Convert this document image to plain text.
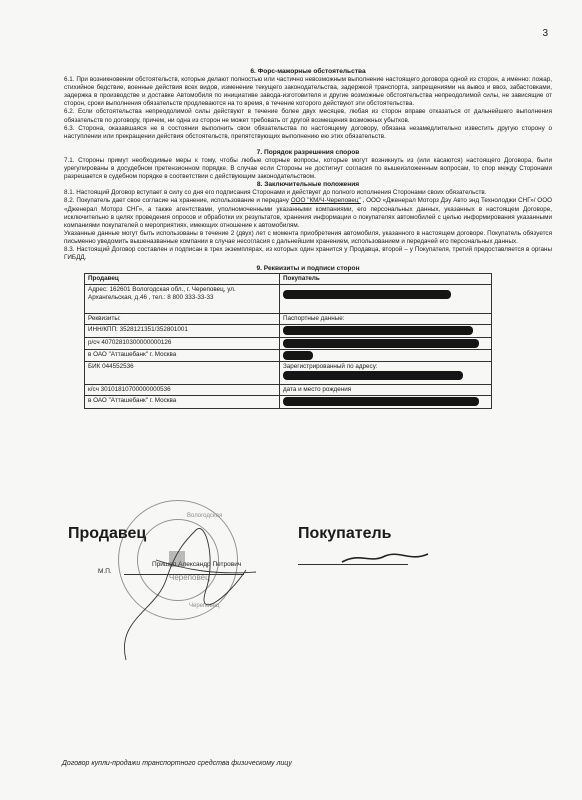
3

6. Форс-мажорные обстоятельства

6.1. При возникновении обстоятельств, которые делают полностью или частично невозможным выполнение настоящего договора одной из сторон, а именно: пожар, стихийное бедствие, военные действия всех видов, изменение текущего законодательства, задержкой транспорта, запрещениями на вывоз и ввоз, забастовками, задержка в производстве и доставке Автомобиля по инициативе завода-изготовителя и другие возможные обстоятельства непреодолимой силы, не зависящие от сторон, сроки выполнения обязательств продлеваются на то время, в течение которого действуют эти обстоятельства.

6.2. Если обстоятельства непреодолимой силы действуют в течение более двух месяцев, любая из сторон вправе отказаться от дальнейшего выполнения обязательств по договору, причем, ни одна из сторон не может требовать от другой возмещения возможных убытков.

6.3. Сторона, оказавшаяся не в состоянии выполнить свои обязательства по настоящему договору, обязана незамедлительно известить другую сторону о наступлении или прекращении действия обстоятельств, препятствующих выполнению ею этих обязательств.

7. Порядок разрешения споров

7.1. Стороны примут необходимые меры к тому, чтобы любые спорные вопросы, которые могут возникнуть из (или касаются) настоящего Договора, были урегулированы в досудебном претензионном порядке. В случае если Стороны не достигнут согласия по вышеизложенным вопросам, то спор между Сторонами разрешается в судебном порядке в соответствии с действующим законодательством.

8. Заключительные положения

8.1. Настоящий Договор вступает в силу со дня его подписания Сторонами и действует до полного исполнения Сторонами своих обязательств.

8.2. Покупатель дает свое согласие на хранение, использование и передачу ООО "КМ/Ч-Череповец" , ООО «Дженерал Моторз Дэу Авто энд Технолоджи СНГ»/ ООО «Дженерал Моторз СНГ», а также агентствами, уполномоченными указанными компаниями, его персональных данных, указанных в настоящем Договоре, исключительно в целях проведения опросов и обработки их результатов, хранения информации о покупателях автомобилей с целью информирования указанными компаниями покупателей о мероприятиях, имеющих отношение к автомобилям.

Указанные данные могут быть использованы в течение 2 (двух) лет с момента приобретения автомобиля, указанного в настоящем договоре. Покупатель обязуется письменно уведомить вышеназванные компании в случае несогласия с дальнейшим хранением, использованием и передачей его персональных данных.

8.3. Настоящий Договор составлен и подписан в трех экземплярах, из которых один хранится у Продавца, второй – у Покупателя, третий предоставляется в органы ГИБДД.

9. Реквизиты и подписи сторон

Продавец	Покупатель
Адрес: 162601 Вологодская обл., г. Череповец, ул. Архангельская, д.46 , тел.: 8 800 333-33-33	
Реквизиты:	Паспортные данные:
ИНН/КПП: 3528121351/352801001	
р/сч 40702810300000000126	
в ОАО "Атташебанк" г. Москва	
БИК 044552536	Зарегистрированный по адресу:

к/сч 30101810700000000536	дата и место рождения
в ОАО "Атташебанк" г. Москва	
Продавец	Покупатель
М.П.
Пришел Александр Петрович
Вологодская
Череповец
Череповец
Договор купли-продажи транспортного средства физическому лицу
